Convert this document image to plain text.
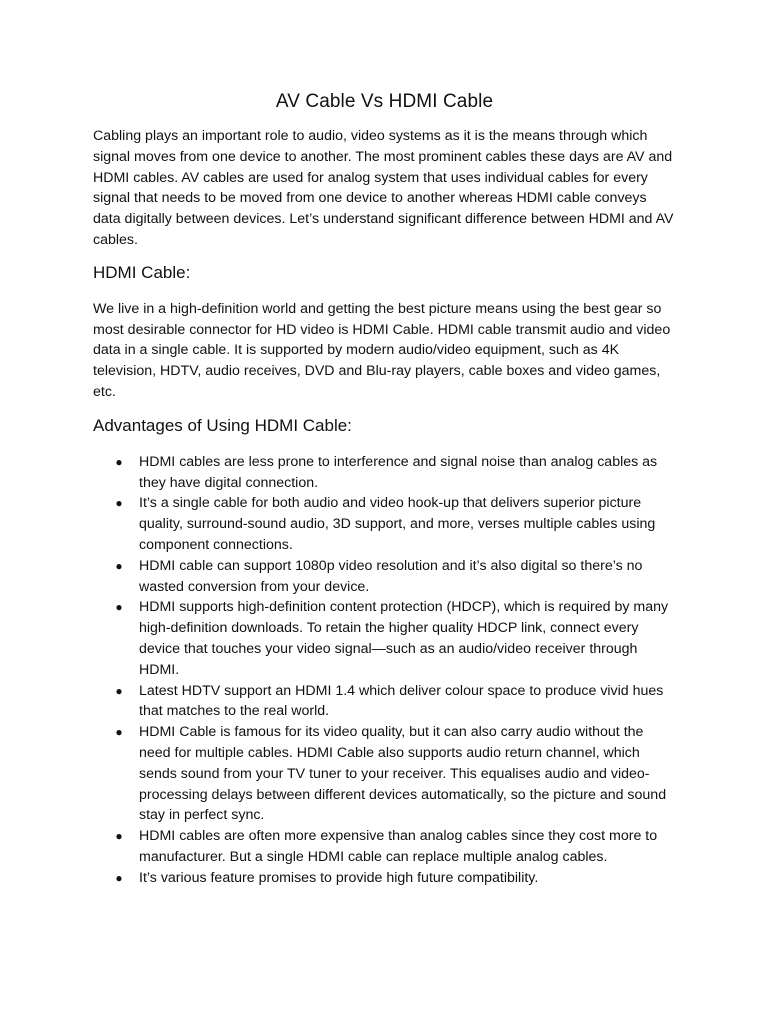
AV Cable Vs HDMI Cable

Cabling plays an important role to audio, video systems as it is the means through which signal moves from one device to another. The most prominent cables these days are AV and HDMI cables. AV cables are used for analog system that uses individual cables for every signal that needs to be moved from one device to another whereas HDMI cable conveys data digitally between devices. Let’s understand significant difference between HDMI and AV cables.

HDMI Cable:

We live in a high-definition world and getting the best picture means using the best gear so most desirable connector for HD video is HDMI Cable. HDMI cable transmit audio and video data in a single cable. It is supported by modern audio/video equipment, such as 4K television, HDTV, audio receives, DVD and Blu-ray players, cable boxes and video games, etc.

Advantages of Using HDMI Cable:
● HDMI cables are less prone to interference and signal noise than analog cables as they have digital connection.
● It’s a single cable for both audio and video hook-up that delivers superior picture quality, surround-sound audio, 3D support, and more, verses multiple cables using component connections.
● HDMI cable can support 1080p video resolution and it’s also digital so there’s no wasted conversion from your device.
● HDMI supports high-definition content protection (HDCP), which is required by many high-definition downloads. To retain the higher quality HDCP link, connect every device that touches your video signal—such as an audio/video receiver through HDMI.
● Latest HDTV support an HDMI 1.4 which deliver colour space to produce vivid hues that matches to the real world.
● HDMI Cable is famous for its video quality, but it can also carry audio without the need for multiple cables. HDMI Cable also supports audio return channel, which sends sound from your TV tuner to your receiver. This equalises audio and video-processing delays between different devices automatically, so the picture and sound stay in perfect sync.
● HDMI cables are often more expensive than analog cables since they cost more to manufacturer. But a single HDMI cable can replace multiple analog cables.
● It’s various feature promises to provide high future compatibility.
